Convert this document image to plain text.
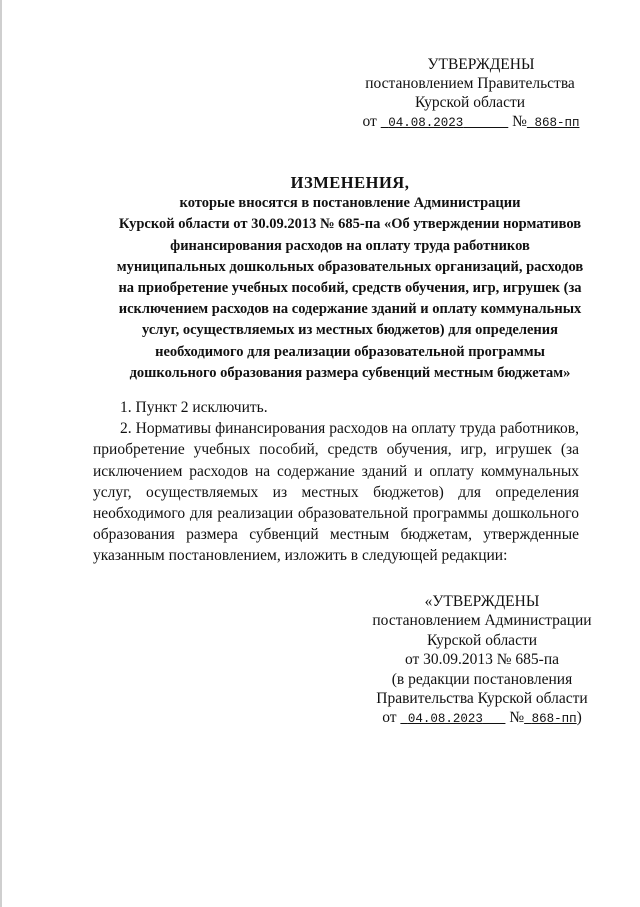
УТВЕРЖДЕНЫ
постановлением Правительства
Курской области
от 04.08.2023	№ 868-пп
ИЗМЕНЕНИЯ,
которые вносятся в постановление Администрации
Курской области от 30.09.2013 № 685-па «Об утверждении нормативов
финансирования расходов на оплату труда работников
муниципальных дошкольных образовательных организаций, расходов
на приобретение учебных пособий, средств обучения, игр, игрушек (за
исключением расходов на содержание зданий и оплату коммунальных
услуг, осуществляемых из местных бюджетов) для определения
необходимого для реализации образовательной программы
дошкольного образования размера субвенций местным бюджетам»

1. Пункт 2 исключить.

2. Нормативы финансирования расходов на оплату труда работников, приобретение учебных пособий, средств обучения, игр, игрушек (за исключением расходов на содержание зданий и оплату коммунальных услуг, осуществляемых из местных бюджетов) для определения необходимого для реализации образовательной программы дошкольного образования размера субвенций местным бюджетам, утвержденные указанным постановлением, изложить в следующей редакции:

«УТВЕРЖДЕНЫ
постановлением Администрации
Курской области
от 30.09.2013 № 685-па
(в редакции постановления
Правительства Курской области
от 04.08.2023 № 868-пп)
